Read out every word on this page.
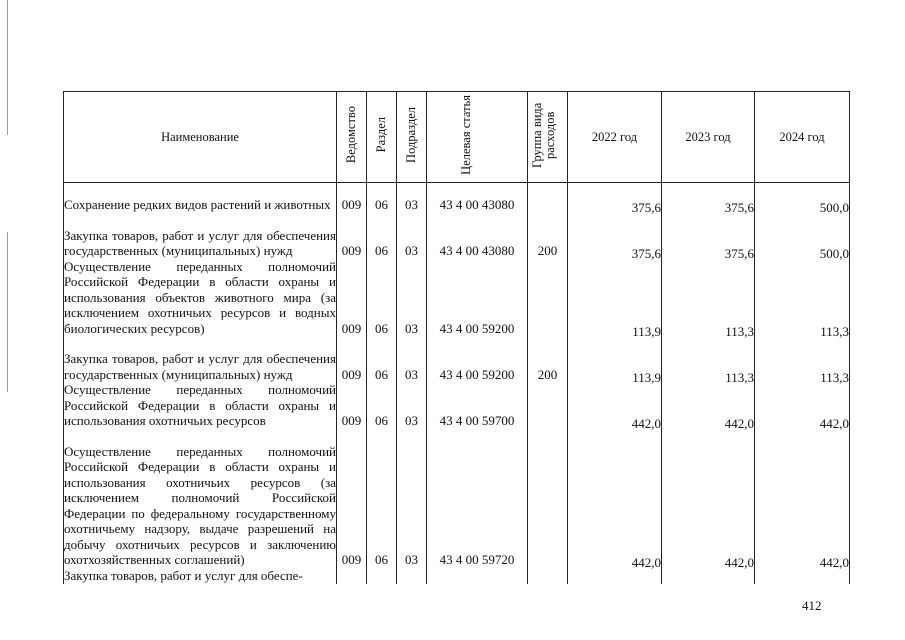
Наименование	Ведомство	Раздел	Подраздел	Целевая статья	Группа вида расходов	2022 год	2023 год	2024 год
Сохранение редких видов растений и животных	009	06	03	43 4 00 43080		375,6	375,6	500,0
Закупка товаров, работ и услуг для обеспечения государственных (муниципальных) нужд	009	06	03	43 4 00 43080	200	375,6	375,6	500,0
Осуществление переданных полномочий Российской Федерации в области охраны и использования объектов животного мира (за исключением охотничьих ресурсов и водных биологических ресурсов)	009	06	03	43 4 00 59200		113,9	113,3	113,3
Закупка товаров, работ и услуг для обеспечения государственных (муниципальных) нужд	009	06	03	43 4 00 59200	200	113,9	113,3	113,3
Осуществление переданных полномочий Российской Федерации в области охраны и использования охотничьих ресурсов	009	06	03	43 4 00 59700		442,0	442,0	442,0
Осуществление переданных полномочий Российской Федерации в области охраны и использования охотничьих ресурсов (за исключением полномочий Российской Федерации по федеральному государственному охотничьему надзору, выдаче разрешений на добычу охотничьих ресурсов и заключению охотхозяйственных соглашений)	009	06	03	43 4 00 59720		442,0	442,0	442,0
Закупка товаров, работ и услуг для обеспе-								
412
